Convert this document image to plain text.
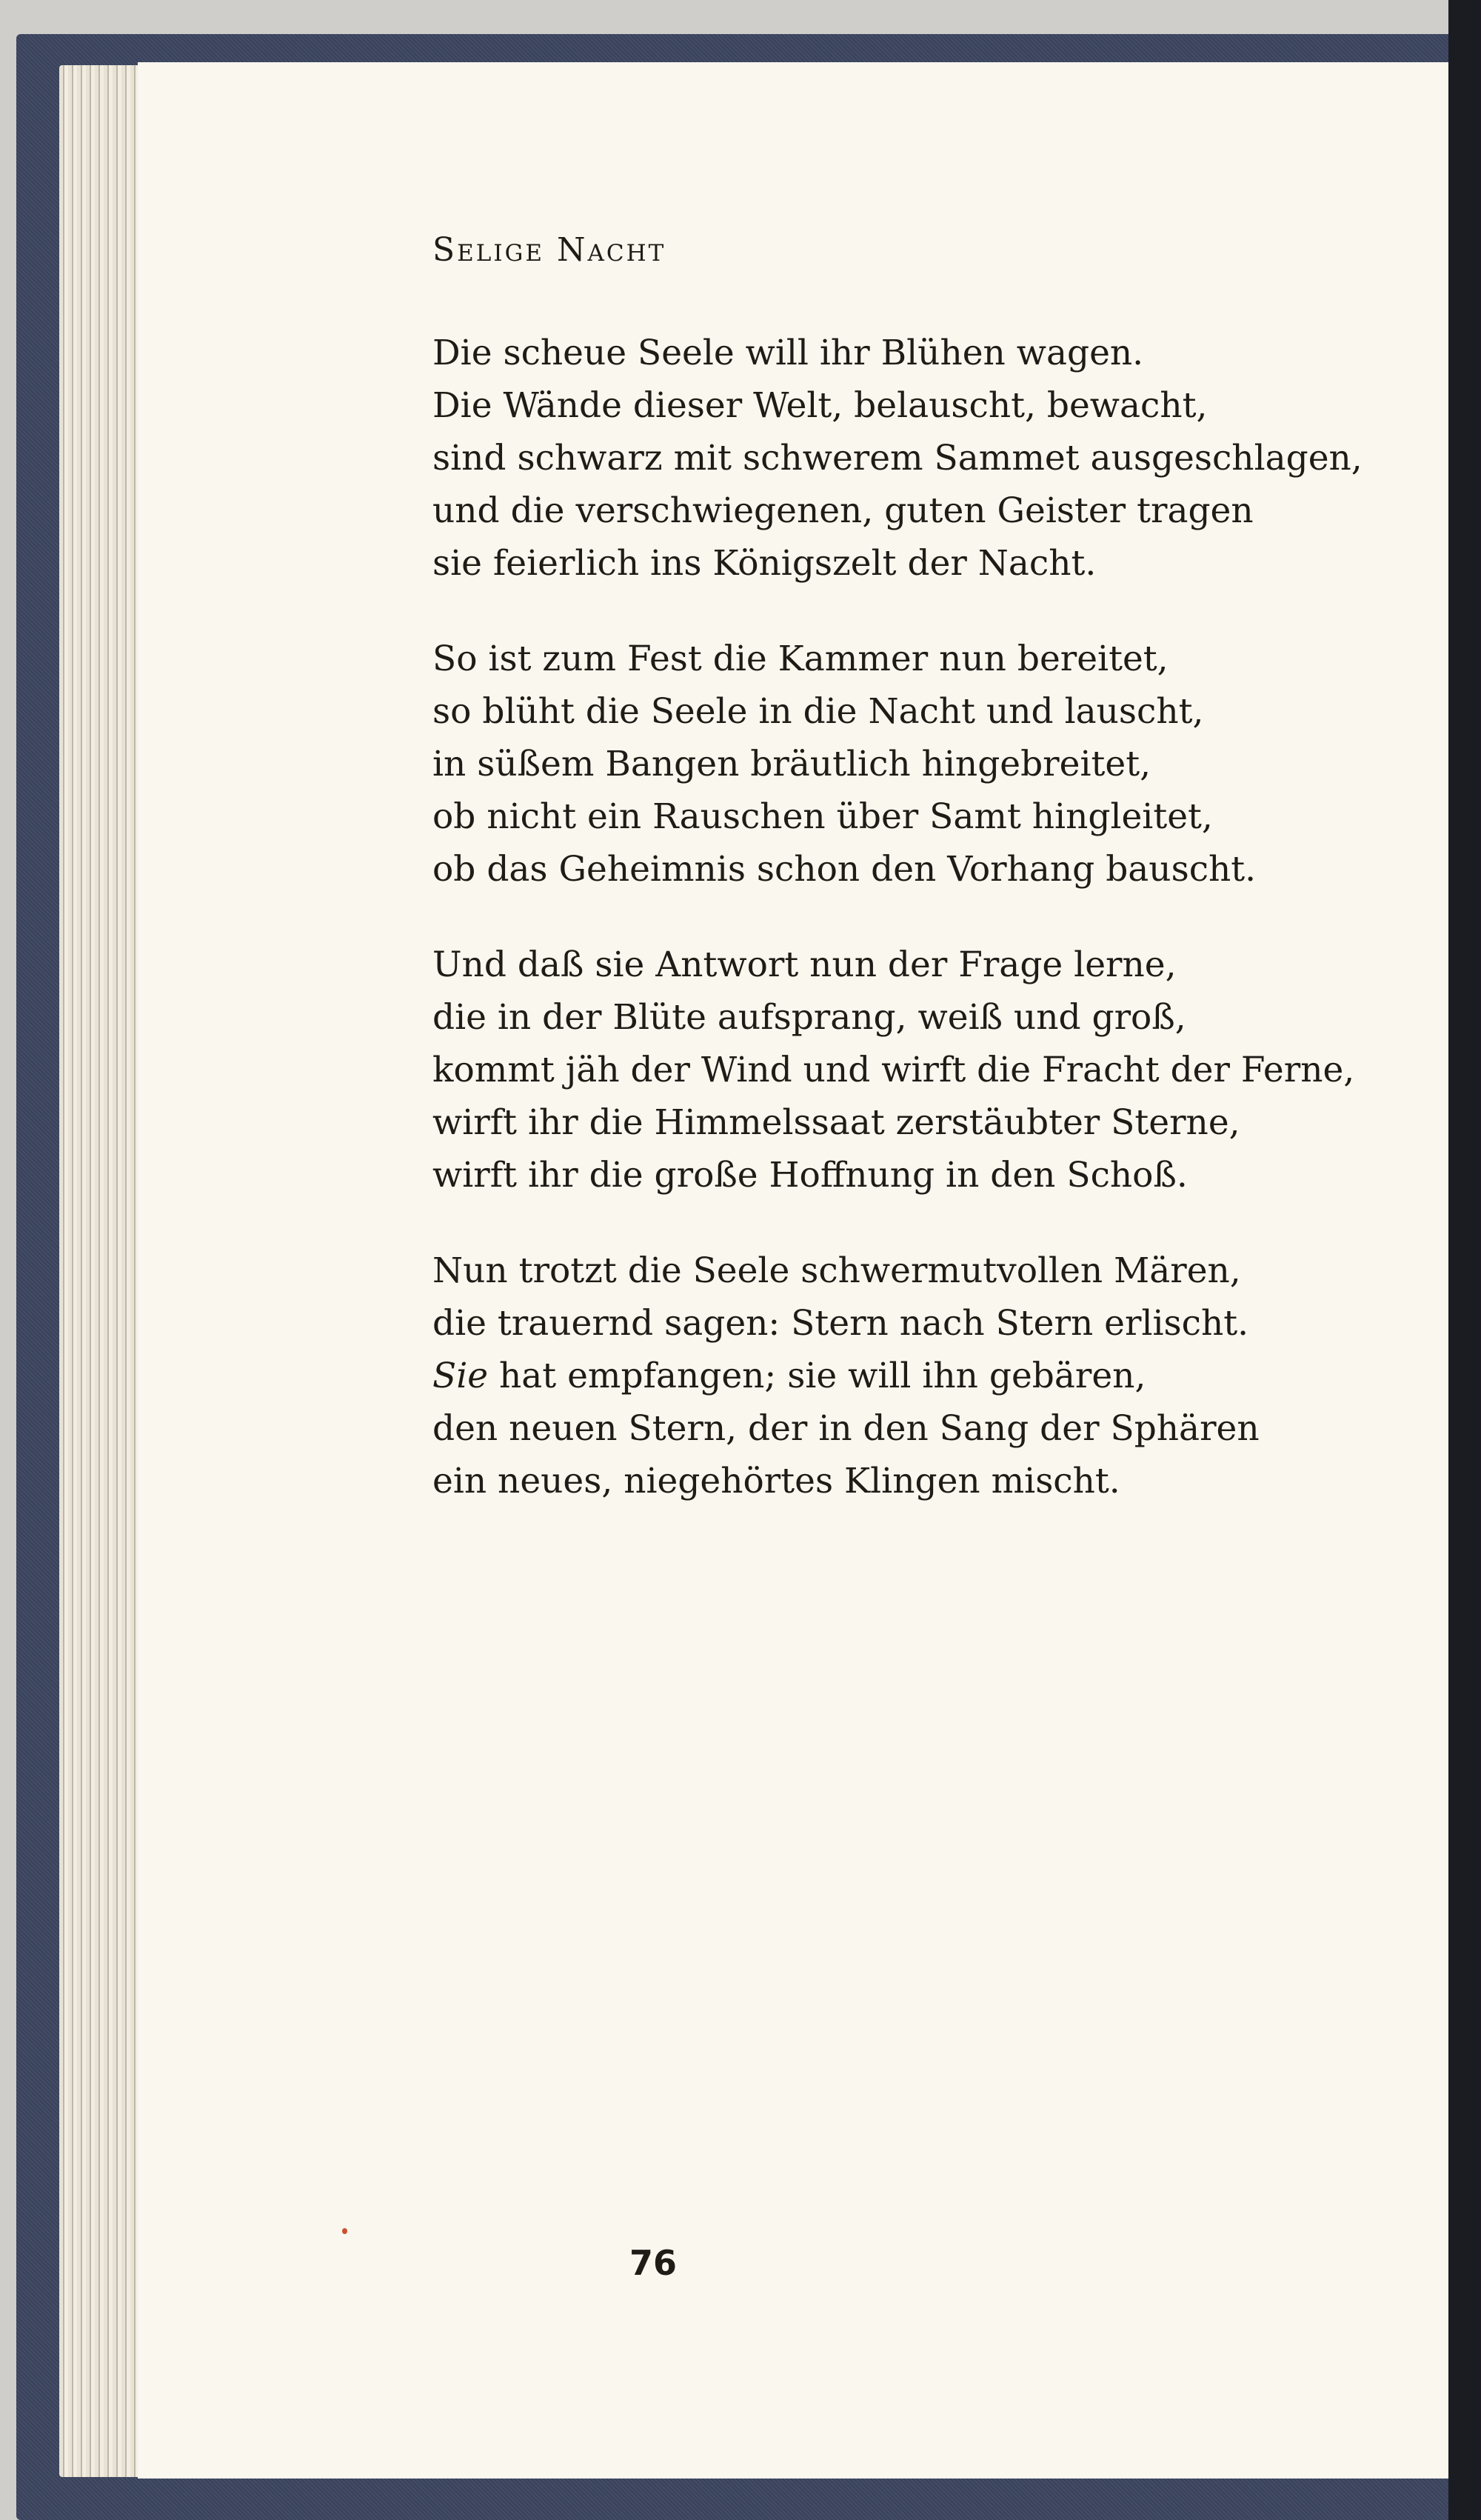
Selige Nacht
Die scheue Seele will ihr Blühen wagen.
Die Wände dieser Welt, belauscht, bewacht,
sind schwarz mit schwerem Sammet ausgeschlagen,
und die verschwiegenen, guten Geister tragen
sie feierlich ins Königszelt der Nacht.
So ist zum Fest die Kammer nun bereitet,
so blüht die Seele in die Nacht und lauscht,
in süßem Bangen bräutlich hingebreitet,
ob nicht ein Rauschen über Samt hingleitet,
ob das Geheimnis schon den Vorhang bauscht.
Und daß sie Antwort nun der Frage lerne,
die in der Blüte aufsprang, weiß und groß,
kommt jäh der Wind und wirft die Fracht der Ferne,
wirft ihr die Himmelssaat zerstäubter Sterne,
wirft ihr die große Hoffnung in den Schoß.
Nun trotzt die Seele schwermutvollen Mären,
die trauernd sagen: Stern nach Stern erlischt.
Sie hat empfangen; sie will ihn gebären,
den neuen Stern, der in den Sang der Sphären
ein neues, niegehörtes Klingen mischt.
76
